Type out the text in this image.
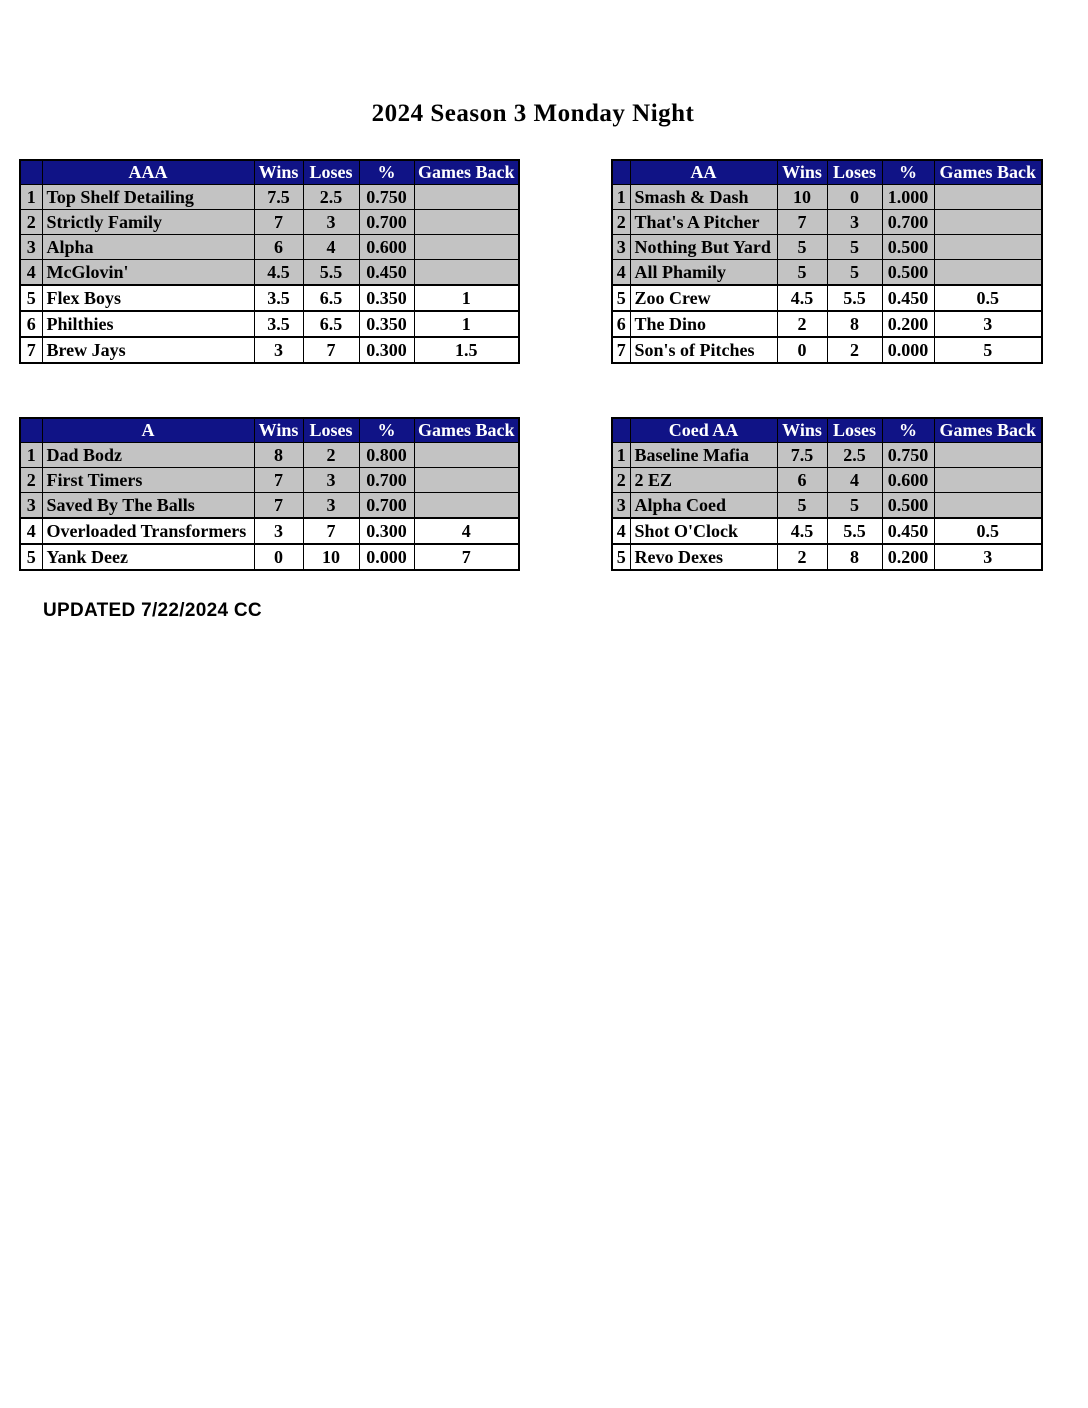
2024 Season 3 Monday Night
	AAA	Wins	Loses	%	Games Back
1	Top Shelf Detailing	7.5	2.5	0.750	
2	Strictly Family	7	3	0.700	
3	Alpha	6	4	0.600	
4	McGlovin'	4.5	5.5	0.450	
5	Flex Boys	3.5	6.5	0.350	1
6	Philthies	3.5	6.5	0.350	1
7	Brew Jays	3	7	0.300	1.5
	AA	Wins	Loses	%	Games Back
1	Smash & Dash	10	0	1.000	
2	That's A Pitcher	7	3	0.700	
3	Nothing But Yard	5	5	0.500	
4	All Phamily	5	5	0.500	
5	Zoo Crew	4.5	5.5	0.450	0.5
6	The Dino	2	8	0.200	3
7	Son's of Pitches	0	2	0.000	5
	A	Wins	Loses	%	Games Back
1	Dad Bodz	8	2	0.800	
2	First Timers	7	3	0.700	
3	Saved By The Balls	7	3	0.700	
4	Overloaded Transformers	3	7	0.300	4
5	Yank Deez	0	10	0.000	7
	Coed AA	Wins	Loses	%	Games Back
1	Baseline Mafia	7.5	2.5	0.750	
2	2 EZ	6	4	0.600	
3	Alpha Coed	5	5	0.500	
4	Shot O'Clock	4.5	5.5	0.450	0.5
5	Revo Dexes	2	8	0.200	3
UPDATED 7/22/2024 CC
